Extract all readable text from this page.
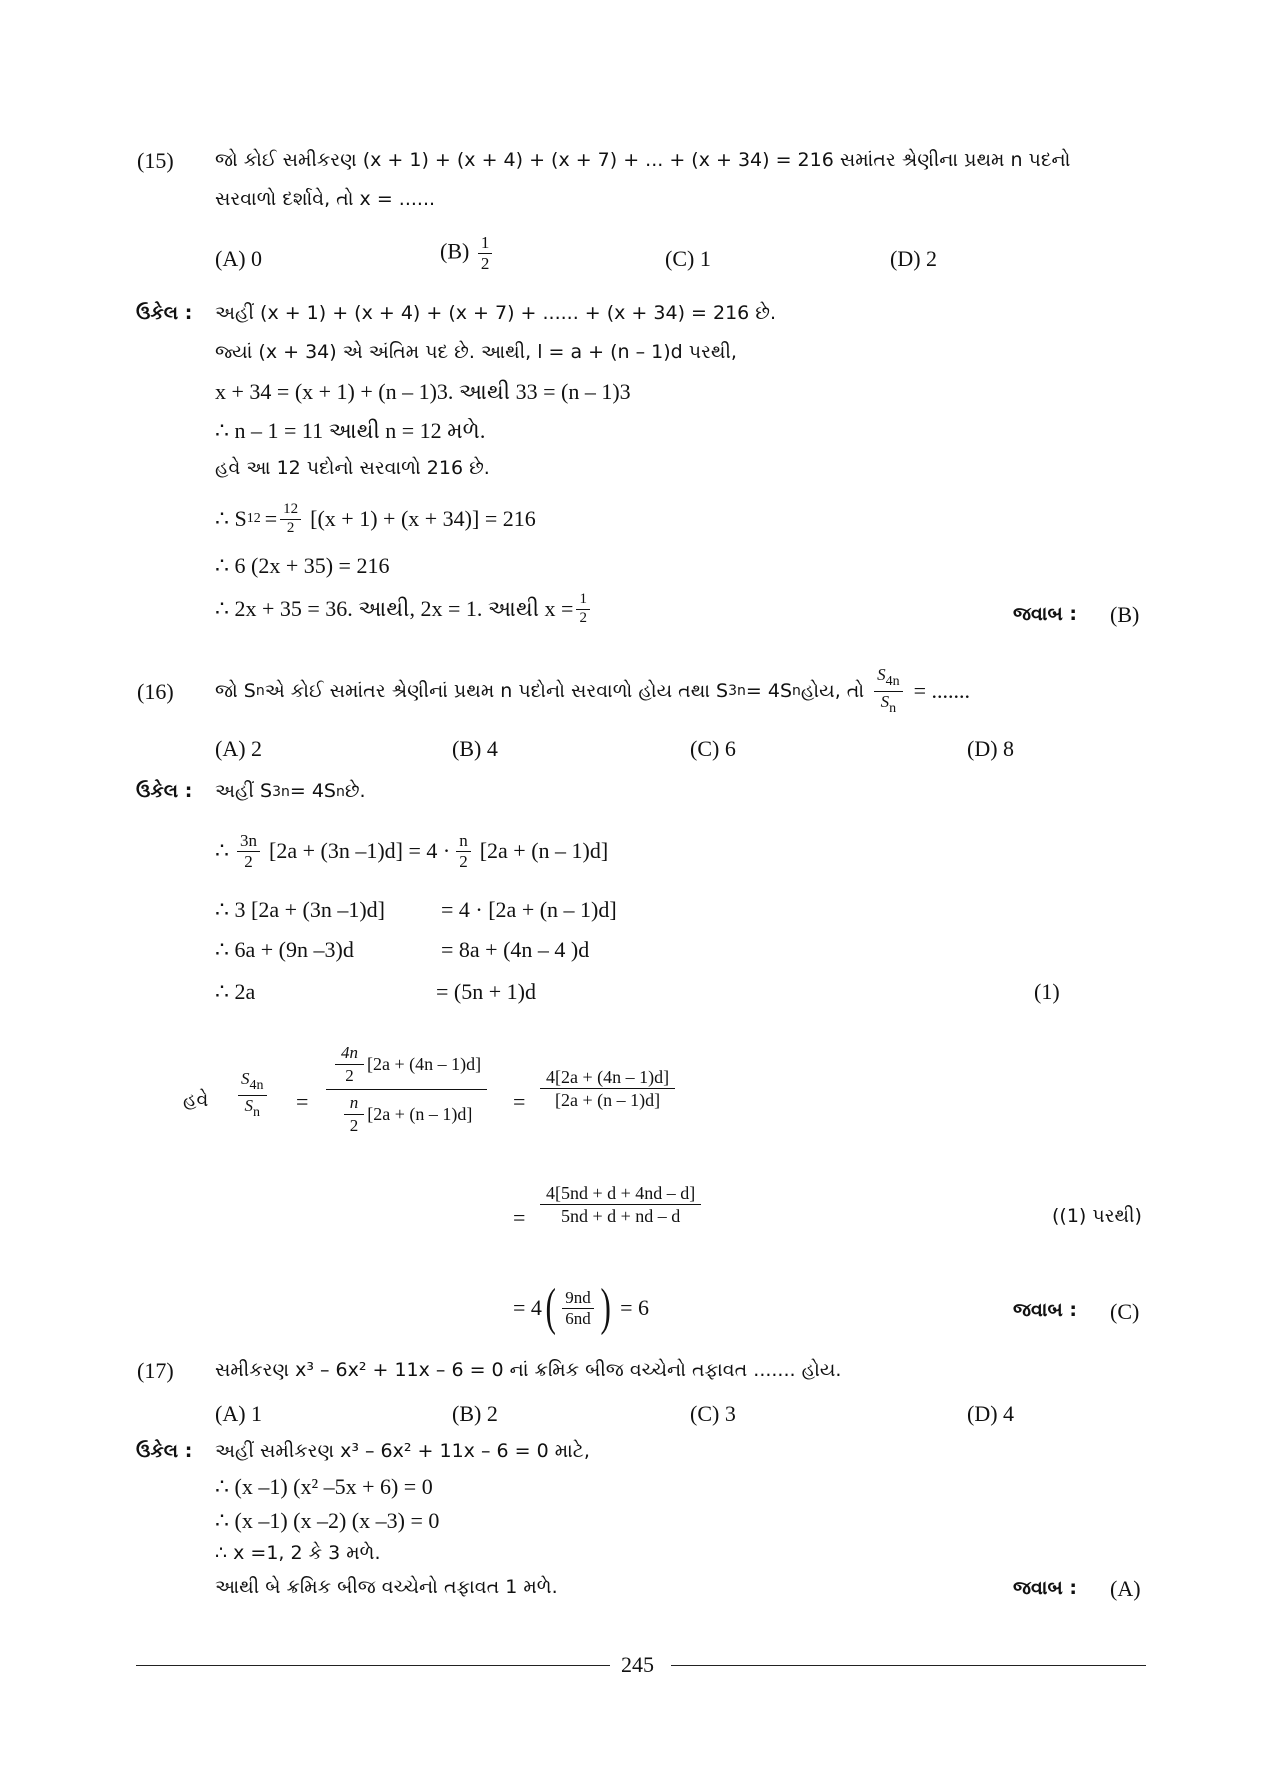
(15) જો કોઈ સમીકરણ (x + 1) + (x + 4) + (x + 7) + ... + (x + 34) = 216 સમાંતર શ્રેણીના પ્રથમ n પદનો
સરવાળો દર્શાવે, તો x = ......
(A) 0	$(B) \frac{1}{2}$	(C) 1	(D) 2
ઉકેલ : અહીં (x + 1) + (x + 4) + (x + 7) + ...... + (x + 34) = 216 છે.
જ્યાં (x + 34) એ અંતિમ પદ છે. આથી, l = a + (n – 1)d પરથી,
x + 34 = (x + 1) + (n – 1)3. આથી 33 = (n – 1)3
∴ n – 1 = 11 આથી n = 12 મળે.
હવે આ 12 પદોનો સરવાળો 216 છે.
∴ S $12 = \frac{12}{2} [(x + 1) + (x + 34)] = 216$
∴ 6 (2x + 35) = 216
∴ 2x + 35 = 36. આથી, 2x = 1. આથી $x = \frac{1}{2}$	જવાબ : (B)
(16) જો S n એ કોઈ સમાંતર શ્રેણીનાં પ્રથમ n પદોનો સરવાળો હોય તથા S 3n = 4S n હોય, તો $\frac{S_{4n}}{S_n}$ = .......
(A) 2	(B) 4	(C) 6	(D) 8
ઉકેલ : અહીં S 3n = 4S n છે.
∴ $\frac{3n}{2} [2a + (3n$ $-1)d] = 4 \cdot \frac{n}{2} [2a + (n - 1)d]$
∴ 3 [2a + (3n –1)d]	= 4 · [2a + (n – 1)d]
∴ 6a + (9n –3)d	= 8a + (4n – 4 )d
∴ 2a	= (5n + 1)d	(1)
હવે $\frac{S_{4n}}{S_n} = \frac{\frac{4n}{2} [2a + (4n - 1)d]}{\frac{n}{2} [2a + (n - 1)d]} = \frac{4[2a + (4n - 1)d]}{[2a + (n - 1)d]}$
= $\frac{4[5nd + d + 4nd - d]}{5nd + d + nd - d}$	((1) પરથી)
= 4 ( $\frac{9nd}{6nd}$ ) = 6	જવાબ : (C)
(17) સમીકરણ x³ – 6x² + 11x – 6 = 0 નાં ક્રમિક બીજ વચ્ચેનો તફાવત ....... હોય.
(A) 1	(B) 2	(C) 3	(D) 4
ઉકેલ : અહીં સમીકરણ x³ – 6x² + 11x – 6 = 0 માટે,
∴ (x –1) (x² –5x + 6) = 0
∴ (x –1) (x –2) (x –3) = 0
∴ x =1, 2 કે 3 મળે.
આથી બે ક્રમિક બીજ વચ્ચેનો તફાવત 1 મળે.	જવાબ : (A)
245
